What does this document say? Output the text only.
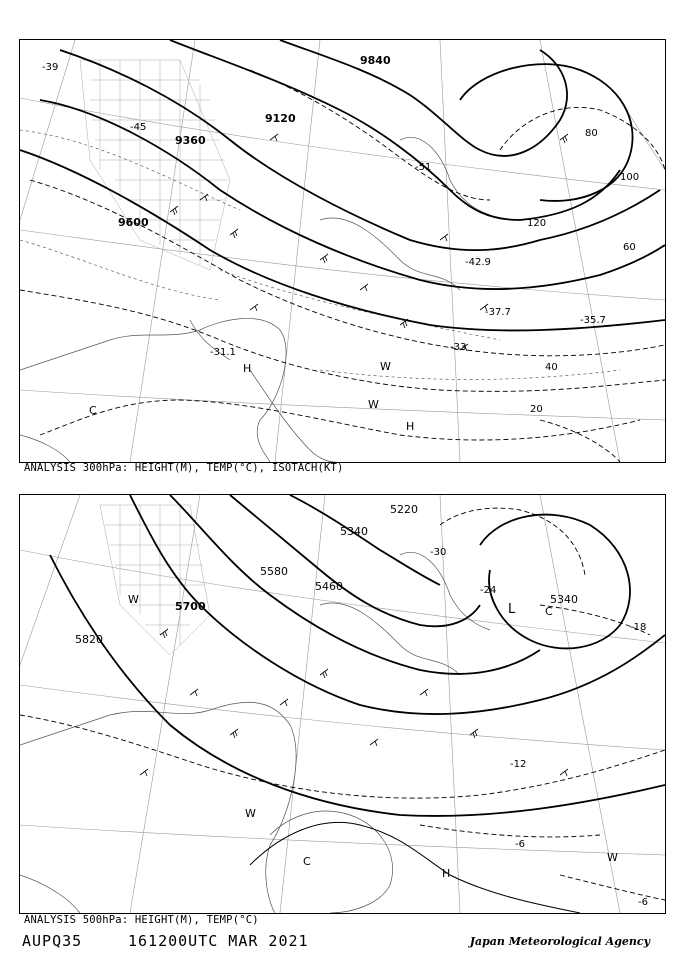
9120
9360
9600
9840
20
40
60
80
100
120
-39
-45
-51
-33
-37.7
-42.9
-31.1
-35.7
H
H
C
W
W
ANALYSIS 300hPa: HEIGHT(M), TEMP(°C), ISOTACH(KT)
5820
5700
5580
5460
5340
5220
5340
-30
-24
-18
-12
-6
-6
L	C
W
W
C
H
W
ANALYSIS 500hPa: HEIGHT(M), TEMP(°C)
AUPQ35	161200UTC MAR 2021	Japan Meteorological Agency
